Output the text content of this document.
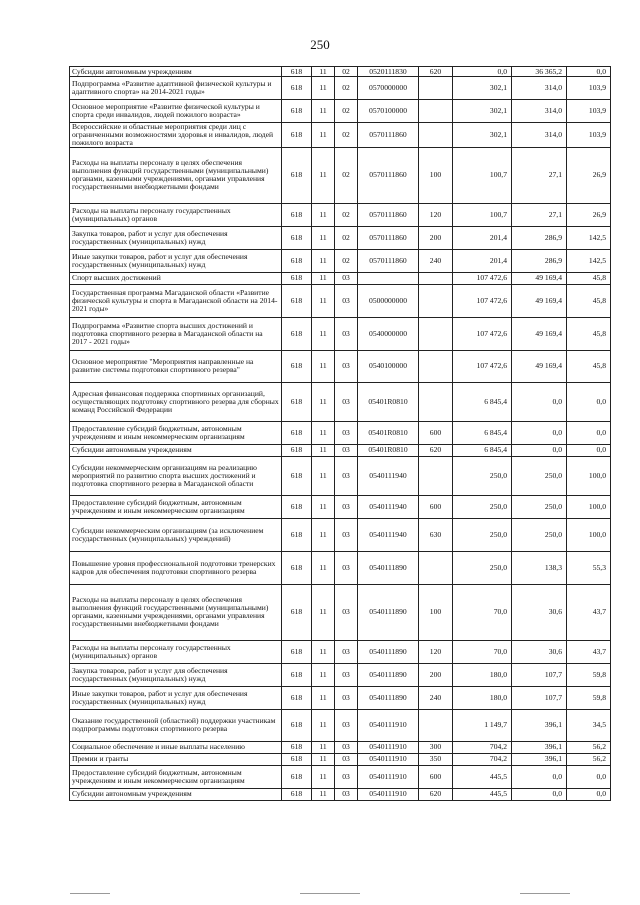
250
Субсидии автономным учреждениям	618	11	02	0520111830	620	0,0	36 365,2	0,0
Подпрограмма «Развитие адаптивной физической культуры и адаптивного спорта» на 2014-2021 годы»	618	11	02	0570000000		302,1	314,0	103,9
Основное мероприятие «Развитие физической культуры и спорта среди инвалидов, людей пожилого возраста»	618	11	02	0570100000		302,1	314,0	103,9
Всероссийские и областные мероприятия среди лиц с ограниченными возможностями здоровья и инвалидов, людей пожилого возраста	618	11	02	0570111860		302,1	314,0	103,9
Расходы на выплаты персоналу в целях обеспечения выполнения функций государственными (муниципальными) органами, казенными учреждениями, органами управления государственными внебюджетными фондами	618	11	02	0570111860	100	100,7	27,1	26,9
Расходы на выплаты персоналу государственных (муниципальных) органов	618	11	02	0570111860	120	100,7	27,1	26,9
Закупка товаров, работ и услуг для обеспечения государственных (муниципальных) нужд	618	11	02	0570111860	200	201,4	286,9	142,5
Иные закупки товаров, работ и услуг для обеспечения государственных (муниципальных) нужд	618	11	02	0570111860	240	201,4	286,9	142,5
Спорт высших достижений	618	11	03			107 472,6	49 169,4	45,8
Государственная программа Магаданской области «Развитие физической культуры и спорта в Магаданской области на 2014-2021 годы»	618	11	03	0500000000		107 472,6	49 169,4	45,8
Подпрограмма «Развитие спорта высших достижений и подготовка спортивного резерва в Магаданской области на 2017 - 2021 годы»	618	11	03	0540000000		107 472,6	49 169,4	45,8
Основное мероприятие "Мероприятия направленные на развитие системы подготовки спортивного резерва"	618	11	03	0540100000		107 472,6	49 169,4	45,8
Адресная финансовая поддержка спортивных организаций, осуществляющих подготовку спортивного резерва для сборных команд Российской Федерации	618	11	03	05401R0810		6 845,4	0,0	0,0
Предоставление субсидий бюджетным, автономным учреждениям и иным некоммерческим организациям	618	11	03	05401R0810	600	6 845,4	0,0	0,0
Субсидии автономным учреждениям	618	11	03	05401R0810	620	6 845,4	0,0	0,0
Субсидии некоммерческим организациям на реализацию мероприятий по развитию спорта высших достижений и подготовка спортивного резерва в Магаданской области	618	11	03	0540111940		250,0	250,0	100,0
Предоставление субсидий бюджетным, автономным учреждениям и иным некоммерческим организациям	618	11	03	0540111940	600	250,0	250,0	100,0
Субсидии некоммерческим организациям (за исключением государственных (муниципальных) учреждений)	618	11	03	0540111940	630	250,0	250,0	100,0
Повышение уровня профессиональной подготовки тренерских кадров для обеспечения подготовки спортивного резерва	618	11	03	0540111890		250,0	138,3	55,3
Расходы на выплаты персоналу в целях обеспечения выполнения функций государственными (муниципальными) органами, казенными учреждениями, органами управления государственными внебюджетными фондами	618	11	03	0540111890	100	70,0	30,6	43,7
Расходы на выплаты персоналу государственных (муниципальных) органов	618	11	03	0540111890	120	70,0	30,6	43,7
Закупка товаров, работ и услуг для обеспечения государственных (муниципальных) нужд	618	11	03	0540111890	200	180,0	107,7	59,8
Иные закупки товаров, работ и услуг для обеспечения государственных (муниципальных) нужд	618	11	03	0540111890	240	180,0	107,7	59,8
Оказание государственной (областной) поддержки участникам подпрограммы подготовки спортивного резерва	618	11	03	0540111910		1 149,7	396,1	34,5
Социальное обеспечение и иные выплаты населению	618	11	03	0540111910	300	704,2	396,1	56,2
Премии и гранты	618	11	03	0540111910	350	704,2	396,1	56,2
Предоставление субсидий бюджетным, автономным учреждениям и иным некоммерческим организациям	618	11	03	0540111910	600	445,5	0,0	0,0
Субсидии автономным учреждениям	618	11	03	0540111910	620	445,5	0,0	0,0
